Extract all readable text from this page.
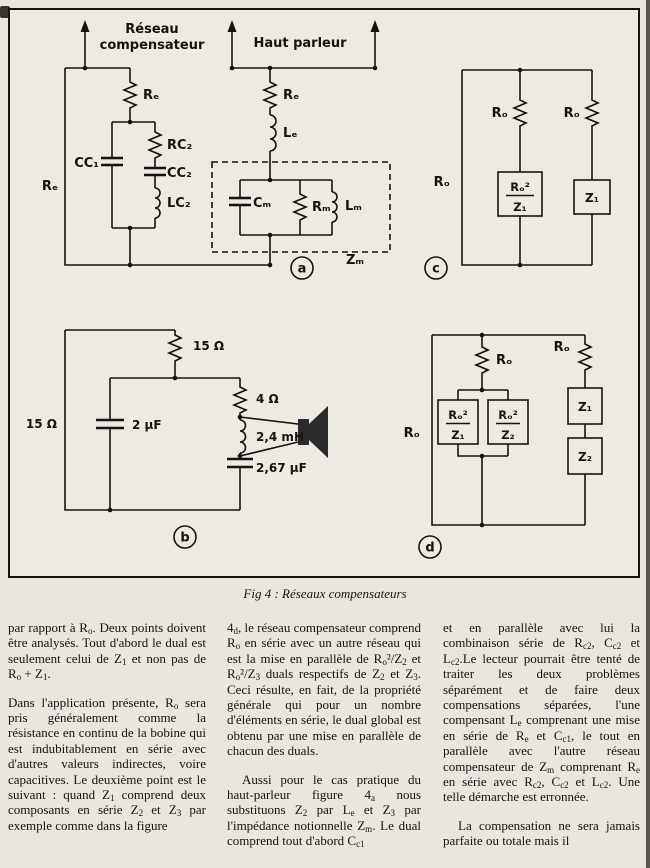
Réseau
compensateur	Haut parleur
Rₑ
Rₑ
CC₁
RC₂
CC₂
LC₂
Rₑ
Lₑ
Cₘ	Rₘ Lₘ
Zₘ
a
Rₒ²
Z₁
Z₁
Rₒ
Rₒ	Rₒ
c
15 Ω
15 Ω	2 μF
4 Ω
2,4 mH
2,67 μF
b
Rₒ²
Z₁
Rₒ²
Z₂
Z₁
Z₂
Rₒ
Rₒ
Rₒ
d
Fig 4 : Réseaux compensateurs

par rapport à $R_o$. Deux points doivent être analysés. Tout d'abord le dual est seulement celui de $Z_1$ et non pas de $R_o + Z_1$.

Dans l'application présente, $R_o$ sera pris généralement comme la résistance en continu de la bobine qui est indubitablement en série avec d'autres valeurs indirectes, voire capacitives. Le deuxième point est le suivant : quand $Z_1$ comprend deux composants en série $Z_2$ et $Z_3$ par exemple comme dans la figure

$4_d$, le réseau compensateur comprend $R_o$ en série avec un autre réseau qui est la mise en parallèle de $R_o^2/Z_2$ et $R_o^2/Z_3$ duals respectifs de $Z_2$ et $Z_3$. Ceci résulte, en fait, de la propriété générale qui pour un nombre d'éléments en série, le dual global est obtenu par une mise en parallèle de chacun des duals.

Aussi pour le cas pratique du haut-parleur figure $4_a$ nous substituons $Z_2$ par $L_e$ et $Z_3$ par l'impédance notionnelle $Z_m$. Le dual comprend tout d'abord $C_{c1}$

et en parallèle avec lui la combinaison série de $R_{c2}$, $C_{c2}$ et $L_{c2}.Le$ lecteur pourrait être tenté de traiter les deux problèmes séparément et de faire deux compensations séparées, l'une compensant $L_e$ comprenant une mise en série de $R_e$ et $C_{c1}$, le tout en parallèle avec l'autre réseau compensateur de $Z_m$ comprenant $R_e$ en série avec $R_{c2}$, $C_{c2}$ et $L_{c2}$. Une telle démarche est erronnée.

La compensation ne sera jamais parfaite ou totale mais il
